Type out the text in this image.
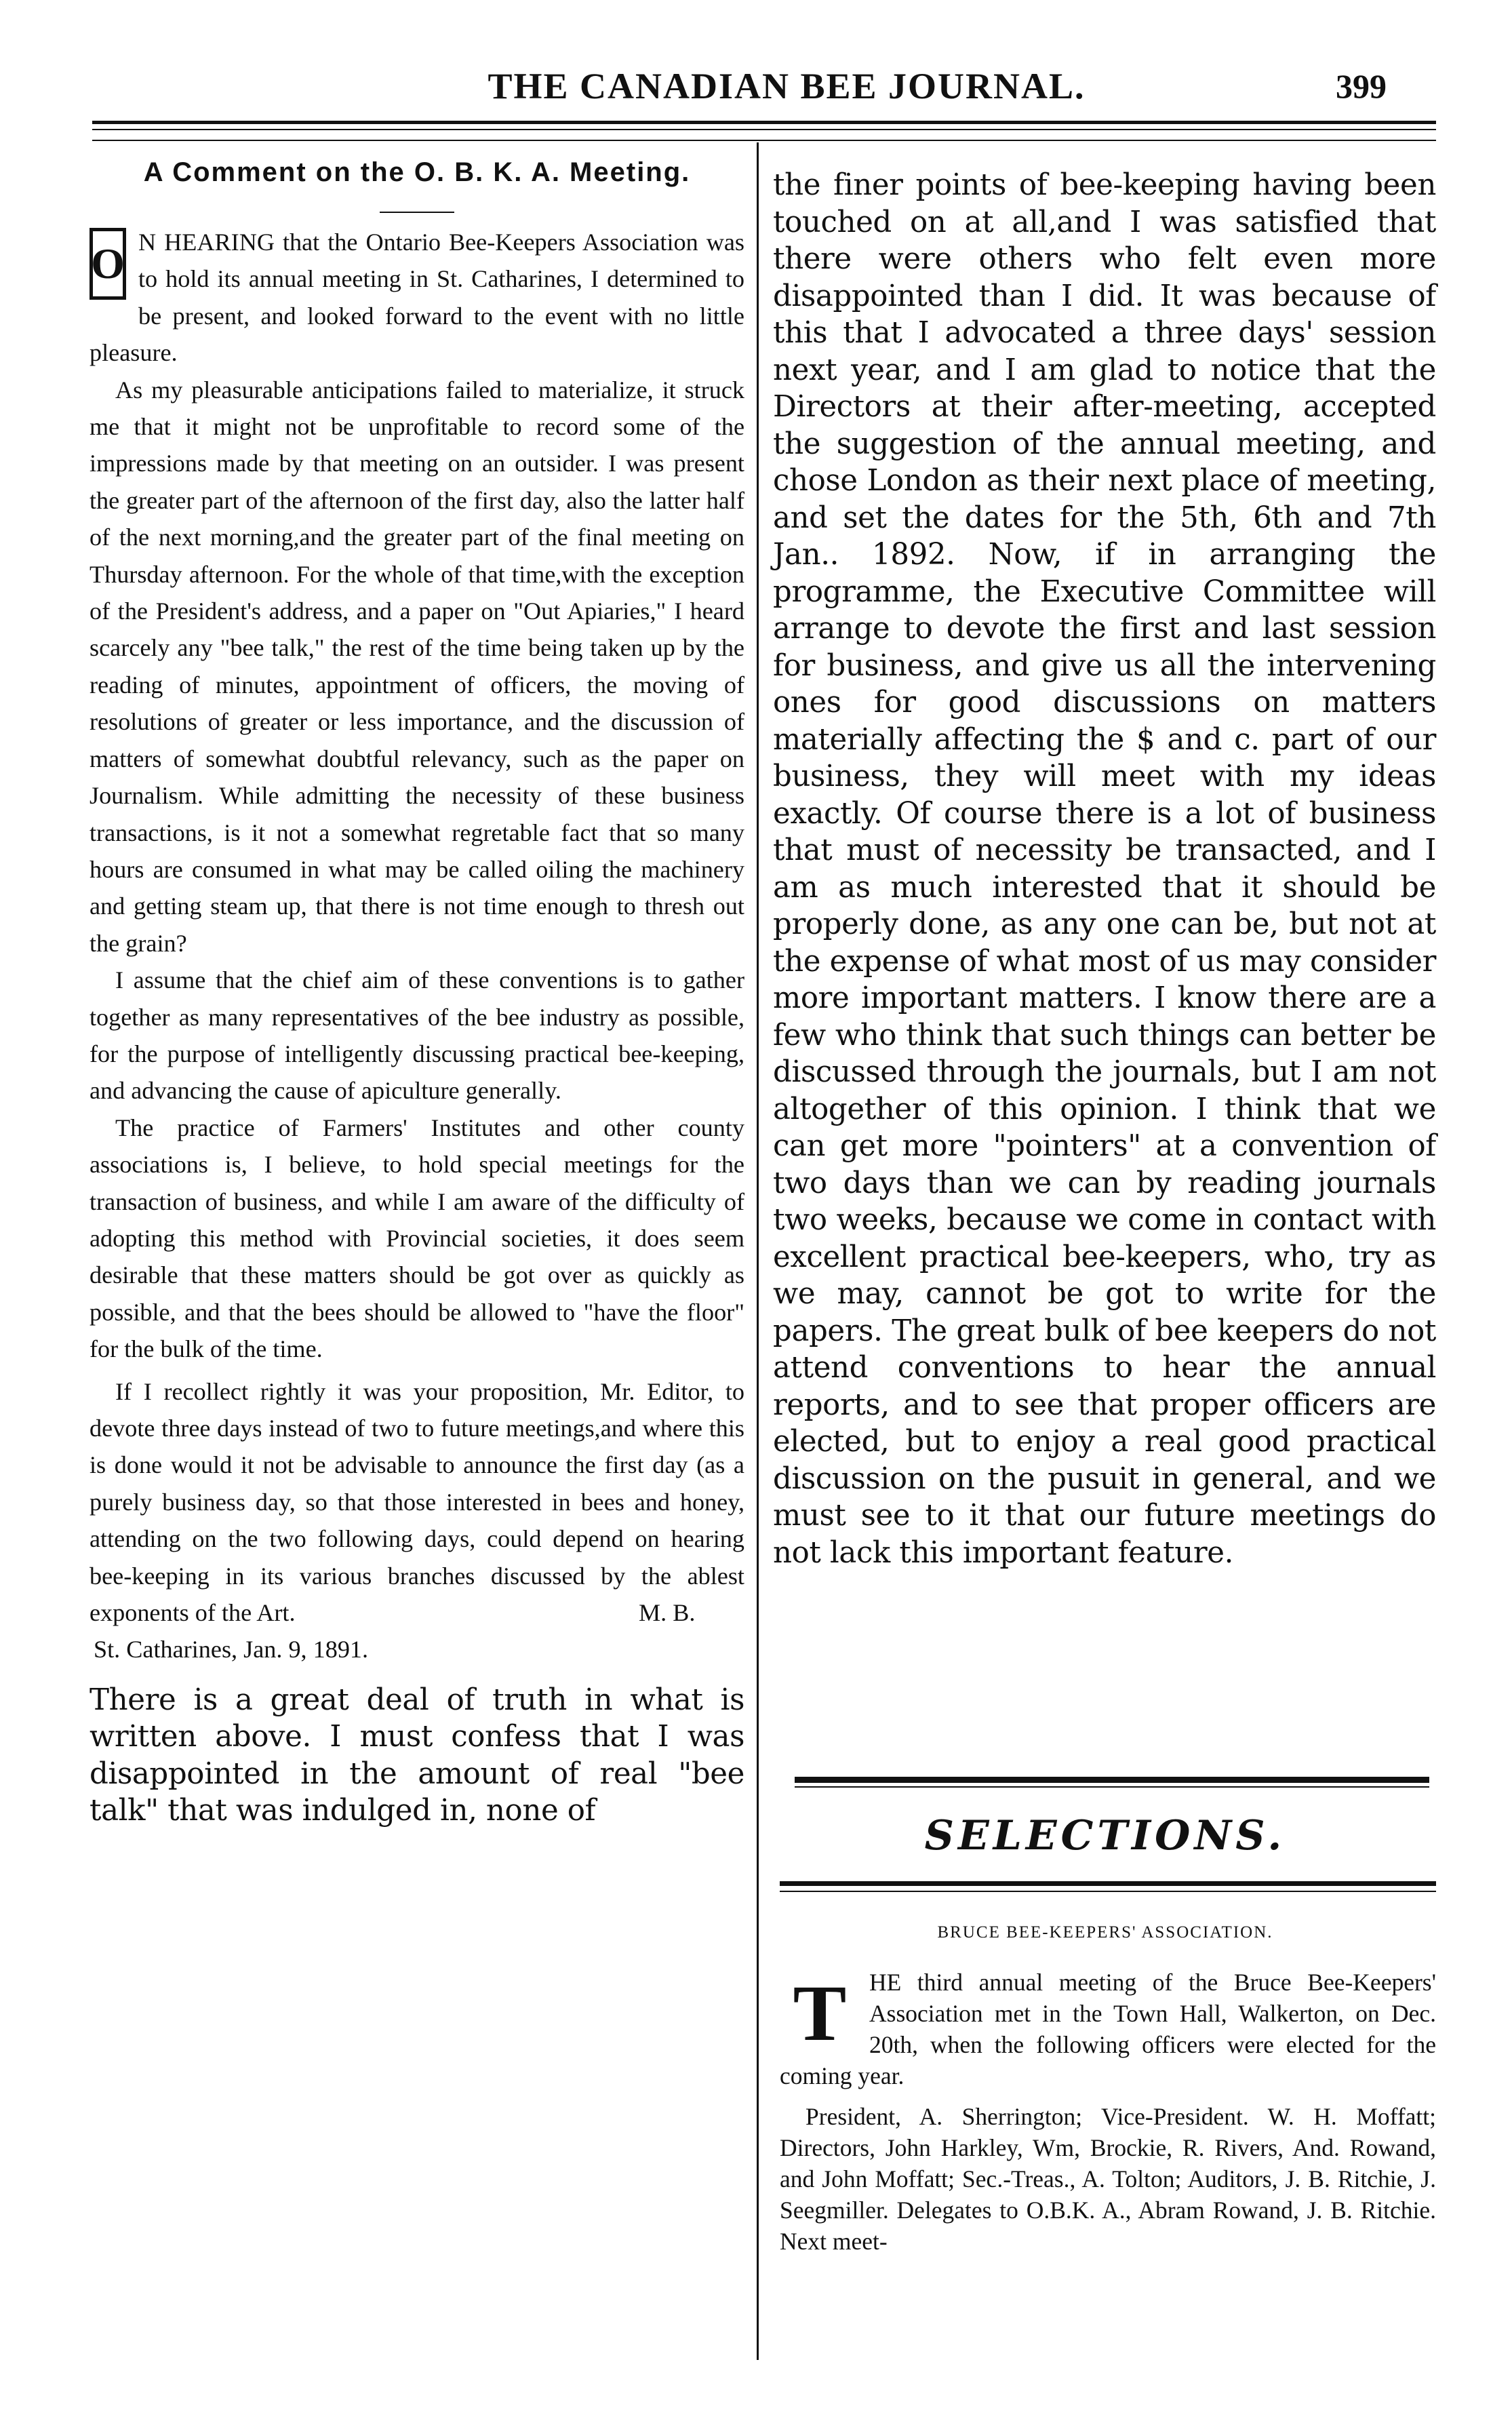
THE CANADIAN BEE JOURNAL.	399
A Comment on the O. B. K. A. Meeting.

O N HEARING that the Ontario Bee-Keepers Association was to hold its annual meeting in St. Catharines, I determined to be present, and looked forward to the event with no little pleasure.

As my pleasurable anticipations failed to materialize, it struck me that it might not be unprofitable to record some of the impressions made by that meeting on an outsider. I was present the greater part of the afternoon of the first day, also the latter half of the next morning,and the greater part of the final meeting on Thursday afternoon. For the whole of that time,with the exception of the President's address, and a paper on "Out Apiaries," I heard scarcely any "bee talk," the rest of the time being taken up by the reading of minutes, appointment of officers, the moving of resolutions of greater or less importance, and the discussion of matters of somewhat doubtful relevancy, such as the paper on Journalism. While admitting the necessity of these business transactions, is it not a somewhat regretable fact that so many hours are consumed in what may be called oiling the machinery and getting steam up, that there is not time enough to thresh out the grain?

I assume that the chief aim of these conventions is to gather together as many representatives of the bee industry as possible, for the purpose of intelligently discussing practical bee-keeping, and advancing the cause of apiculture generally.

The practice of Farmers' Institutes and other county associations is, I believe, to hold special meetings for the transaction of business, and while I am aware of the difficulty of adopting this method with Provincial societies, it does seem desirable that these matters should be got over as quickly as possible, and that the bees should be allowed to "have the floor" for the bulk of the time.

If I recollect rightly it was your proposition, Mr. Editor, to devote three days instead of two to future meetings,and where this is done would it not be advisable to announce the first day (as a purely business day, so that those interested in bees and honey, attending on the two following days, could depend on hearing bee-keeping in its various branches discussed by the ablest exponents of the Art.	M. B.

St. Catharines, Jan. 9, 1891.

There is a great deal of truth in what is written above. I must confess that I was disappointed in the amount of real "bee talk" that was indulged in, none of

the finer points of bee-keeping having been touched on at all,and I was satisfied that there were others who felt even more disappointed than I did. It was because of this that I advocated a three days' session next year, and I am glad to notice that the Directors at their after-meeting, accepted the suggestion of the annual meeting, and chose London as their next place of meeting, and set the dates for the 5th, 6th and 7th Jan.. 1892. Now, if in arranging the programme, the Executive Committee will arrange to devote the first and last session for business, and give us all the intervening ones for good discussions on matters materially affecting the $ and c. part of our business, they will meet with my ideas exactly. Of course there is a lot of business that must of necessity be transacted, and I am as much interested that it should be properly done, as any one can be, but not at the expense of what most of us may consider more important matters. I know there are a few who think that such things can better be discussed through the journals, but I am not altogether of this opinion. I think that we can get more "pointers" at a convention of two days than we can by reading journals two weeks, because we come in contact with excellent practical bee-keepers, who, try as we may, cannot be got to write for the papers. The great bulk of bee keepers do not attend conventions to hear the annual reports, and to see that proper officers are elected, but to enjoy a real good practical discussion on the pusuit in general, and we must see to it that our future meetings do not lack this important feature.

SELECTIONS.
BRUCE BEE-KEEPERS' ASSOCIATION.

THE third annual meeting of the Bruce Bee-Keepers' Association met in the Town Hall, Walkerton, on Dec. 20th, when the following officers were elected for the coming year.

President, A. Sherrington; Vice-President. W. H. Moffatt; Directors, John Harkley, Wm, Brockie, R. Rivers, And. Rowand, and John Moffatt; Sec.-Treas., A. Tolton; Auditors, J. B. Ritchie, J. Seegmiller. Delegates to O.B.K. A., Abram Rowand, J. B. Ritchie. Next meet-
